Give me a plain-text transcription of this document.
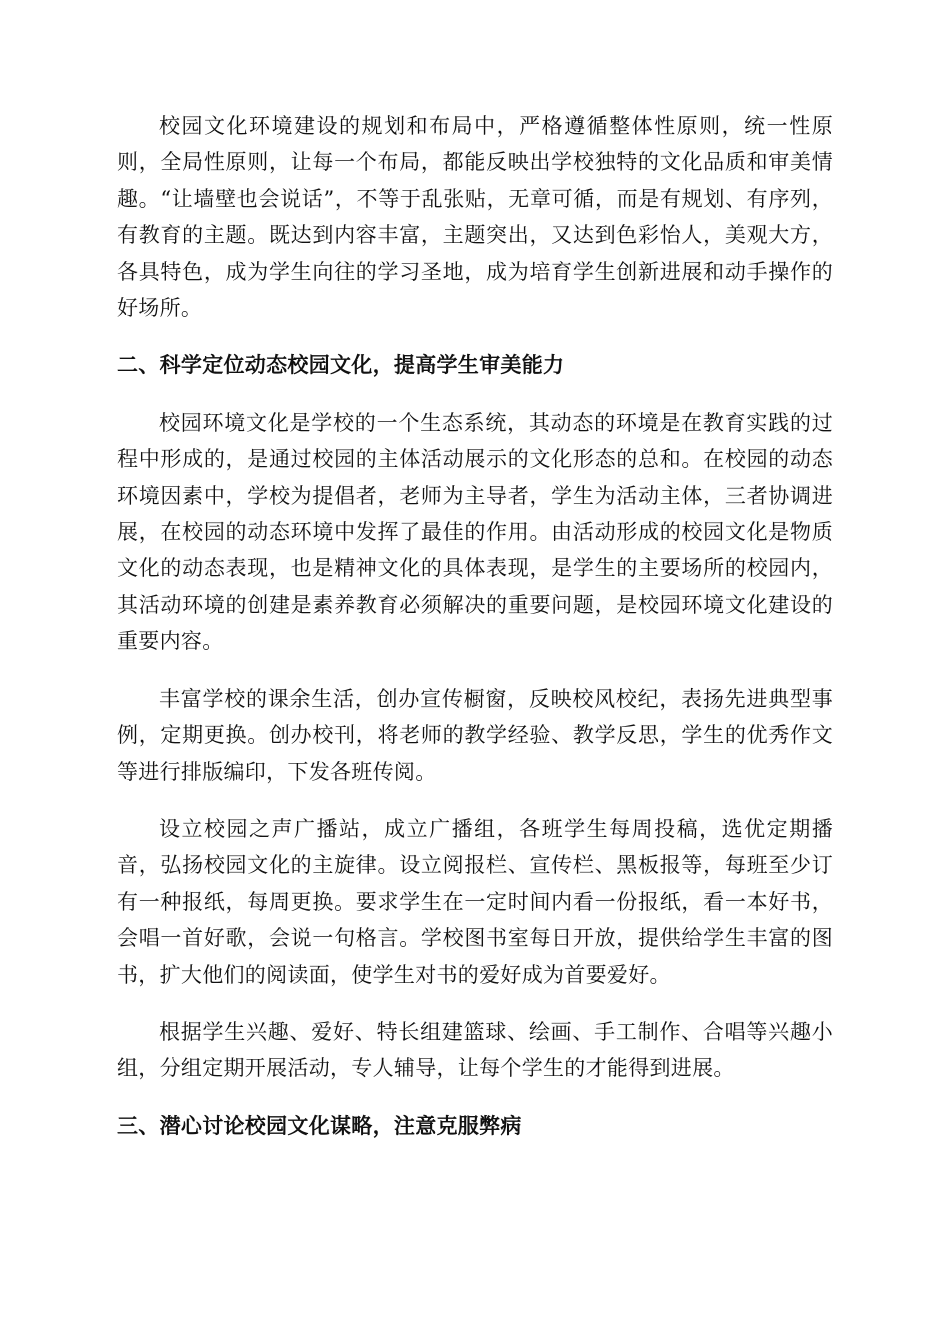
校园文化环境建设的规划和布局中，严格遵循整体性原则，统一性原则，全局性原则，让每一个布局，都能反映出学校独特的文化品质和审美情趣。“让墙壁也会说话”，不等于乱张贴，无章可循，而是有规划、有序列，有教育的主题。既达到内容丰富，主题突出，又达到色彩怡人，美观大方，各具特色，成为学生向往的学习圣地，成为培育学生创新进展和动手操作的好场所。

二、科学定位动态校园文化，提高学生审美能力

校园环境文化是学校的一个生态系统，其动态的环境是在教育实践的过程中形成的，是通过校园的主体活动展示的文化形态的总和。在校园的动态环境因素中，学校为提倡者，老师为主导者，学生为活动主体，三者协调进展，在校园的动态环境中发挥了最佳的作用。由活动形成的校园文化是物质文化的动态表现，也是精神文化的具体表现，是学生的主要场所的校园内，其活动环境的创建是素养教育必须解决的重要问题，是校园环境文化建设的重要内容。

丰富学校的课余生活，创办宣传橱窗，反映校风校纪，表扬先进典型事例，定期更换。创办校刊，将老师的教学经验、教学反思，学生的优秀作文等进行排版编印，下发各班传阅。

设立校园之声广播站，成立广播组，各班学生每周投稿，选优定期播音，弘扬校园文化的主旋律。设立阅报栏、宣传栏、黑板报等，每班至少订有一种报纸，每周更换。要求学生在一定时间内看一份报纸，看一本好书，会唱一首好歌，会说一句格言。学校图书室每日开放，提供给学生丰富的图书，扩大他们的阅读面，使学生对书的爱好成为首要爱好。

根据学生兴趣、爱好、特长组建篮球、绘画、手工制作、合唱等兴趣小组，分组定期开展活动，专人辅导，让每个学生的才能得到进展。

三、潜心讨论校园文化谋略，注意克服弊病
